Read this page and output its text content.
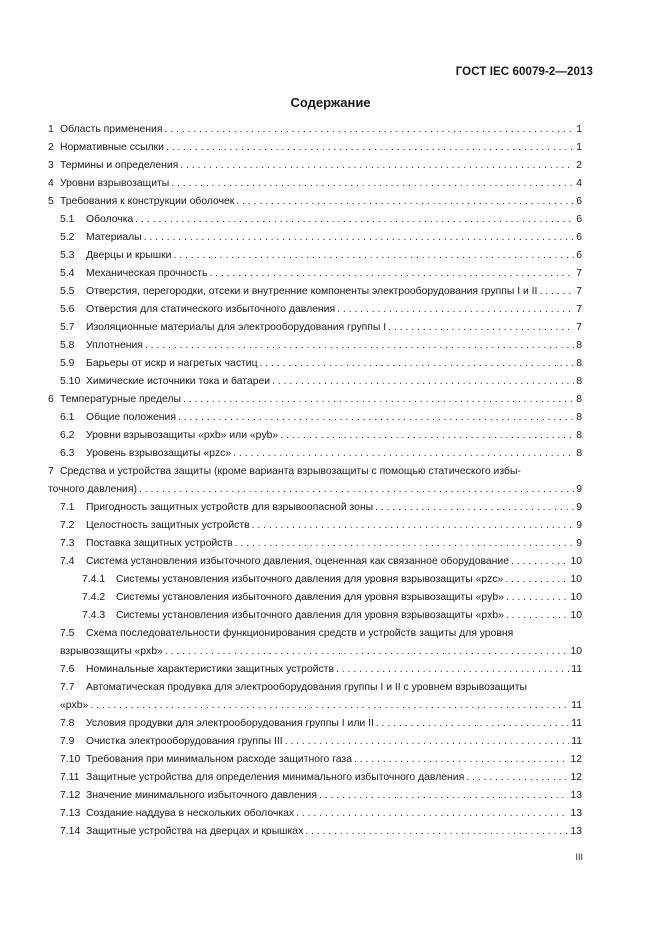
ГОСТ IEC 60079-2—2013
Содержание
1 Область применения . . .	1
2 Нормативные ссылки . . .	1
3 Термины и определения . . .	2
4 Уровни взрывозащиты . . .	4
5 Требования к конструкции оболочек . . .	6
5.1	Оболочка . . .	6
5.2	Материалы . . .	6
5.3	Дверцы и крышки . . .	6
5.4	Механическая прочность . . .	7
5.5	Отверстия, перегородки, отсеки и внутренние компоненты электрооборудования группы I и II . . .	7
5.6	Отверстия для статического избыточного давления . . .	7
5.7	Изоляционные материалы для электрооборудования группы I . . .	7
5.8	Уплотнения . . .	8
5.9	Барьеры от искр и нагретых частиц . . .	8
5.10 Химические источники тока и батареи . . .	8
6 Температурные пределы . . .	8
6.1	Общие положения . . .	8
6.2	Уровни взрывозащиты «pxb» или «pyb» . . .	8
6.3	Уровень взрывозащиты «pzc» . . .	8
7 Средства и устройства защиты (кроме варианта взрывозащиты с помощью статического избы-
точного давления) . . .	9
7.1	Пригодность защитных устройств для взрывоопасной зоны . . .	9
7.2	Целостность защитных устройств . . .	9
7.3	Поставка защитных устройств . . .	9
7.4	Система установления избыточного давления, оцененная как связанное оборудование . . .	10
7.4.1	Системы установления избыточного давления для уровня взрывозащиты «pzc» . . .	10
7.4.2	Системы установления избыточного давления для уровня взрывозащиты «pyb» . . .	10
7.4.3	Системы установления избыточного давления для уровня взрывозащиты «pxb» . . .	10
7.5	Схема последовательности функционирования средств и устройств защиты для уровня
взрывозащиты «pxb» . . .	10
7.6	Номинальные характеристики защитных устройств . . .	11
7.7	Автоматическая продувка для электрооборудования группы I и II с уровнем взрывозащиты
«pxb» . . .	11
7.8	Условия продувки для электрооборудования группы I или II . . .	11
7.9	Очистка электрооборудования группы III . . .	11
7.10 Требования при минимальном расходе защитного газа . . .	12
7.11 Защитные устройства для определения минимального избыточного давления . . .	12
7.12 Значение минимального избыточного давления . . .	13
7.13 Создание наддува в нескольких оболочках . . .	13
7.14 Защитные устройства на дверцах и крышках . . .	13
III
